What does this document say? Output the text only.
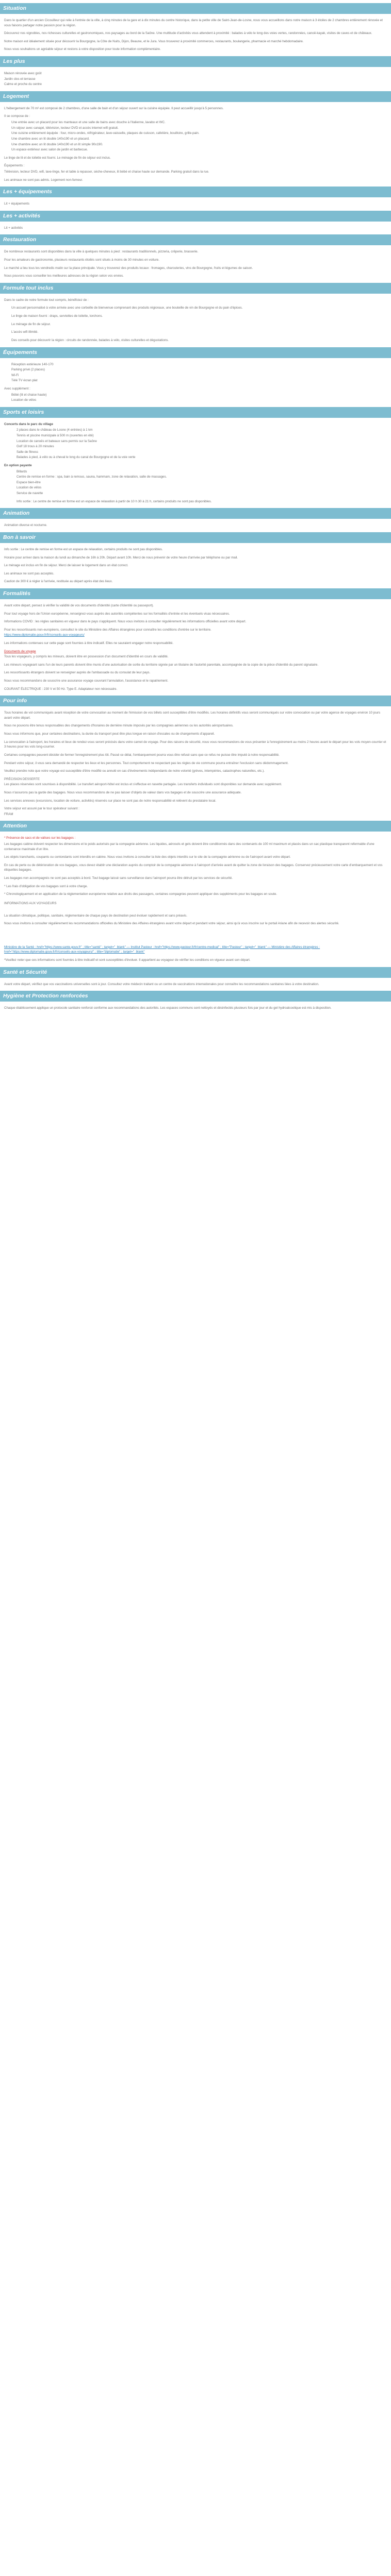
Situation

Dans le quartier d'un ancien Cicouilleur qui relie à l'entrée de la ville, à cinq minutes de la gare et à dix minutes du centre historique, dans la petite ville de Saint-Jean-de-Losne, nous vous accueillons dans notre maison à 3 étoiles de 2 chambres entièrement rénovée et vous faisons partager notre passion pour la région.

Découvrez nos vignobles, nos richesses culturelles et gastronomiques, nos paysages au bord de la Saône. Une multitude d'activités vous attendent à proximité : balades à vélo le long des voies vertes, randonnées, canoë-kayak, visites de caves et de châteaux.

Notre maison est idéalement située pour découvrir la Bourgogne, la Côte de Nuits, Dijon, Beaune, et le Jura. Vous trouverez à proximité commerces, restaurants, boulangerie, pharmacie et marché hebdomadaire.

Nous vous souhaitons un agréable séjour et restons à votre disposition pour toute information complémentaire.

Les plus

Maison rénovée avec goût

Jardin clos et terrasse

Calme et proche du centre

Logement

L'hébergement de 70 m² est composé de 2 chambres, d'une salle de bain et d'un séjour ouvert sur la cuisine équipée. Il peut accueillir jusqu'à 5 personnes.

Il se compose de :

Une entrée avec un placard pour les manteaux et une salle de bains avec douche à l'italienne, lavabo et WC.

Un séjour avec canapé, télévision, lecteur DVD et accès internet wifi gratuit.

Une cuisine entièrement équipée : four, micro-ondes, réfrigérateur, lave-vaisselle, plaques de cuisson, cafetière, bouilloire, grille-pain.

Une chambre avec un lit double 140x190 et un placard.

Une chambre avec un lit double 140x190 et un lit simple 90x190.

Un espace extérieur avec salon de jardin et barbecue.

Le linge de lit et de toilette est fourni. Le ménage de fin de séjour est inclus.

Équipements :

Télévision, lecteur DVD, wifi, lave-linge, fer et table à repasser, sèche-cheveux, lit bébé et chaise haute sur demande. Parking gratuit dans la rue.

Les animaux ne sont pas admis. Logement non-fumeur.

Les + équipements

Lit + équipements

Les + activités

Lit + activités

Restauration

De nombreux restaurants sont disponibles dans la ville à quelques minutes à pied : restaurants traditionnels, pizzeria, crêperie, brasserie.

Pour les amateurs de gastronomie, plusieurs restaurants étoilés sont situés à moins de 30 minutes en voiture.

Le marché a lieu tous les vendredis matin sur la place principale. Vous y trouverez des produits locaux : fromages, charcuteries, vins de Bourgogne, fruits et légumes de saison.

Nous pouvons vous conseiller les meilleures adresses de la région selon vos envies.

Formule tout inclus

Dans le cadre de notre formule tout compris, bénéficiez de :

Un accueil personnalisé à votre arrivée avec une corbeille de bienvenue comprenant des produits régionaux, une bouteille de vin de Bourgogne et du pain d'épices.

Le linge de maison fourni : draps, serviettes de toilette, torchons.

Le ménage de fin de séjour.

L'accès wifi illimité.

Des conseils pour découvrir la région : circuits de randonnée, balades à vélo, visites culturelles et dégustations.

Équipements

Réception extérieure 140-170

Parking privé (2 places)

Wi-Fi

Télé TV écran plat

Avec supplément :

Bébé (lit et chaise haute)

Location de vélos

Sports et loisirs

Concerts dans le parc du village

2 places dans le château de Losne (4 entrées) à 1 km

Tennis et piscine municipale à 500 m (ouvertes en été)

Location de canoës et bateaux sans permis sur la Saône

Golf 18 trous à 20 minutes

Salle de fitness

Balades à pied, à vélo ou à cheval le long du canal de Bourgogne et de la voie verte

En option payante

Billards

Centre de remise en forme : spa, bain à remous, sauna, hammam, zone de relaxation, salle de massages.

Espace bien-être

Location de vélos

Service de navette

Info sortie : Le centre de remise en forme est un espace de relaxation à partir de 10 h 30 à 21 h, certains produits ne sont pas disponibles.

Animation

Animation diverse et nocturne.

Bon à savoir

Info sortie : Le centre de remise en forme est un espace de relaxation, certains produits ne sont pas disponibles.

Horaire pour arriver dans la maison du lundi au dimanche de 16h à 20h. Départ avant 10h. Merci de nous prévenir de votre heure d'arrivée par téléphone ou par mail.

Le ménage est inclus en fin de séjour. Merci de laisser le logement dans un état correct.

Les animaux ne sont pas acceptés.

Caution de 300 € à régler à l'arrivée, restituée au départ après état des lieux.

Formalités

Avant votre départ, pensez à vérifier la validité de vos documents d'identité (carte d'identité ou passeport).

Pour tout voyage hors de l'Union européenne, renseignez-vous auprès des autorités compétentes sur les formalités d'entrée et les éventuels visas nécessaires.

Informations COVID : les règles sanitaires en vigueur dans le pays s'appliquent. Nous vous invitons à consulter régulièrement les informations officielles avant votre départ.

Pour les ressortissants non-européens, consultez le site du Ministère des Affaires étrangères pour connaître les conditions d'entrée sur le territoire.

https://www.diplomatie.gouv.fr/fr/conseils-aux-voyageurs/

Les informations contenues sur cette page sont fournies à titre indicatif. Elles ne sauraient engager notre responsabilité.

Documents de voyage

Tous les voyageurs, y compris les mineurs, doivent être en possession d'un document d'identité en cours de validité.

Les mineurs voyageant sans l'un de leurs parents doivent être munis d'une autorisation de sortie du territoire signée par un titulaire de l'autorité parentale, accompagnée de la copie de la pièce d'identité du parent signataire.

Les ressortissants étrangers doivent se renseigner auprès de l'ambassade ou du consulat de leur pays.

Nous vous recommandons de souscrire une assurance voyage couvrant l'annulation, l'assistance et le rapatriement.

COURANT ÉLECTRIQUE : 230 V et 50 Hz. Type E. Adaptateur non nécessaire.

Pour info

Tous horaires de vol communiqués avant réception de votre convocation au moment de l'émission de vos billets sont susceptibles d'être modifiés. Les horaires définitifs vous seront communiqués sur votre convocation ou par votre agence de voyages environ 10 jours avant votre départ.

Nous ne pouvons être tenus responsables des changements d'horaires de dernière minute imposés par les compagnies aériennes ou les autorités aéroportuaires.

Nous vous informons que, pour certaines destinations, la durée du transport peut être plus longue en raison d'escales ou de changements d'appareil.

La convocation à l'aéroport, les horaires et lieux de rendez-vous seront précisés dans votre carnet de voyage. Pour des raisons de sécurité, nous vous recommandons de vous présenter à l'enregistrement au moins 2 heures avant le départ pour les vols moyen-courrier et 3 heures pour les vols long-courrier.

Certaines compagnies peuvent décider de fermer l'enregistrement plus tôt. Passé ce délai, l'embarquement pourra vous être refusé sans que ce refus ne puisse être imputé à notre responsabilité.

Pendant votre séjour, il vous sera demandé de respecter les lieux et les personnes. Tout comportement ne respectant pas les règles de vie commune pourra entraîner l'exclusion sans dédommagement.

Veuillez prendre note que votre voyage est susceptible d'être modifié ou annulé en cas d'événements indépendants de notre volonté (grèves, intempéries, catastrophes naturelles, etc.).

PRÉCISION DESSERTE

Les places réservées sont soumises à disponibilité. Le transfert aéroport-hôtel est inclus et s'effectue en navette partagée. Les transferts individuels sont disponibles sur demande avec supplément.

Nous n'assurons pas la garde des bagages. Nous vous recommandons de ne pas laisser d'objets de valeur dans vos bagages et de souscrire une assurance adéquate.

Les services annexes (excursions, location de voiture, activités) réservés sur place ne sont pas de notre responsabilité et relèvent du prestataire local.

Votre séjour est assuré par le tour opérateur suivant :

FRAM

Attention

* Présence de sacs et de valises sur les bagages :

Les bagages cabine doivent respecter les dimensions et le poids autorisés par la compagnie aérienne. Les liquides, aérosols et gels doivent être conditionnés dans des contenants de 100 ml maximum et placés dans un sac plastique transparent refermable d'une contenance maximale d'un litre.

Les objets tranchants, coupants ou contondants sont interdits en cabine. Nous vous invitons à consulter la liste des objets interdits sur le site de la compagnie aérienne ou de l'aéroport avant votre départ.

En cas de perte ou de détérioration de vos bagages, vous devez établir une déclaration auprès du comptoir de la compagnie aérienne à l'aéroport d'arrivée avant de quitter la zone de livraison des bagages. Conservez précieusement votre carte d'embarquement et vos étiquettes bagages.

Les bagages non accompagnés ne sont pas acceptés à bord. Tout bagage laissé sans surveillance dans l'aéroport pourra être détruit par les services de sécurité.

* Les frais d'obligation de vos bagages sont à votre charge.

* Chronologiquement et en application de la réglementation européenne relative aux droits des passagers, certaines compagnies peuvent appliquer des suppléments pour les bagages en soute.

INFORMATIONS AUX VOYAGEURS

La situation climatique, politique, sanitaire, réglementaire de chaque pays de destination peut évoluer rapidement et sans préavis.

Nous vous invitons à consulter régulièrement les recommandations officielles du Ministère des Affaires étrangères avant votre départ et pendant votre séjour, ainsi qu'à vous inscrire sur le portail Ariane afin de recevoir des alertes sécurité.

Ministère de la Santé : href="https://www.sante.gouv.fr" ; title="santé" ; target="_blank" — Institut Pasteur : href="https://www.pasteur.fr/fr/centre-medical" ; title="Pasteur" ; target="_blank" — Ministère des Affaires étrangères : href="https://www.diplomatie.gouv.fr/fr/conseils-aux-voyageurs/" ; title="diplomatie" ; target="_blank"

*Veuillez noter que ces informations sont fournies à titre indicatif et sont susceptibles d'évoluer. Il appartient au voyageur de vérifier les conditions en vigueur avant son départ.

Santé et Sécurité

Avant votre départ, vérifiez que vos vaccinations universelles sont à jour. Consultez votre médecin traitant ou un centre de vaccinations internationales pour connaître les recommandations sanitaires liées à votre destination.

Hygiène et Protection renforcées

Chaque établissement applique un protocole sanitaire renforcé conforme aux recommandations des autorités. Les espaces communs sont nettoyés et désinfectés plusieurs fois par jour et du gel hydroalcoolique est mis à disposition.
